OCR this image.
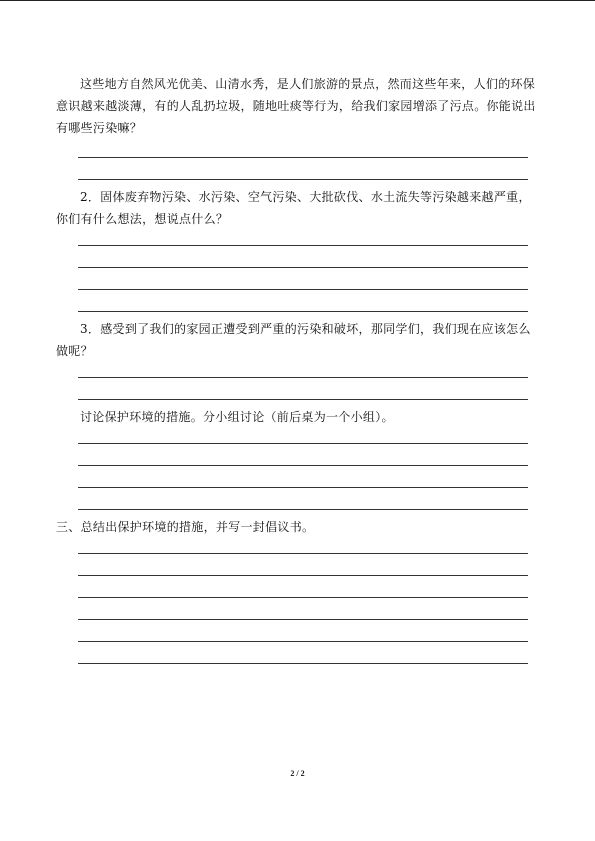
这些地方自然风光优美、山清水秀，是人们旅游的景点，然而这些年来，人们的环保意识越来越淡薄，有的人乱扔垃圾，随地吐痰等行为，给我们家园增添了污点。你能说出有哪些污染嘛？

2．固体废弃物污染、水污染、空气污染、大批砍伐、水土流失等污染越来越严重，你们有什么想法，想说点什么？

3．感受到了我们的家园正遭受到严重的污染和破坏，那同学们，我们现在应该怎么做呢？

讨论保护环境的措施。分小组讨论（前后桌为一个小组）。

三、总结出保护环境的措施，并写一封倡议书。

2 / 2
